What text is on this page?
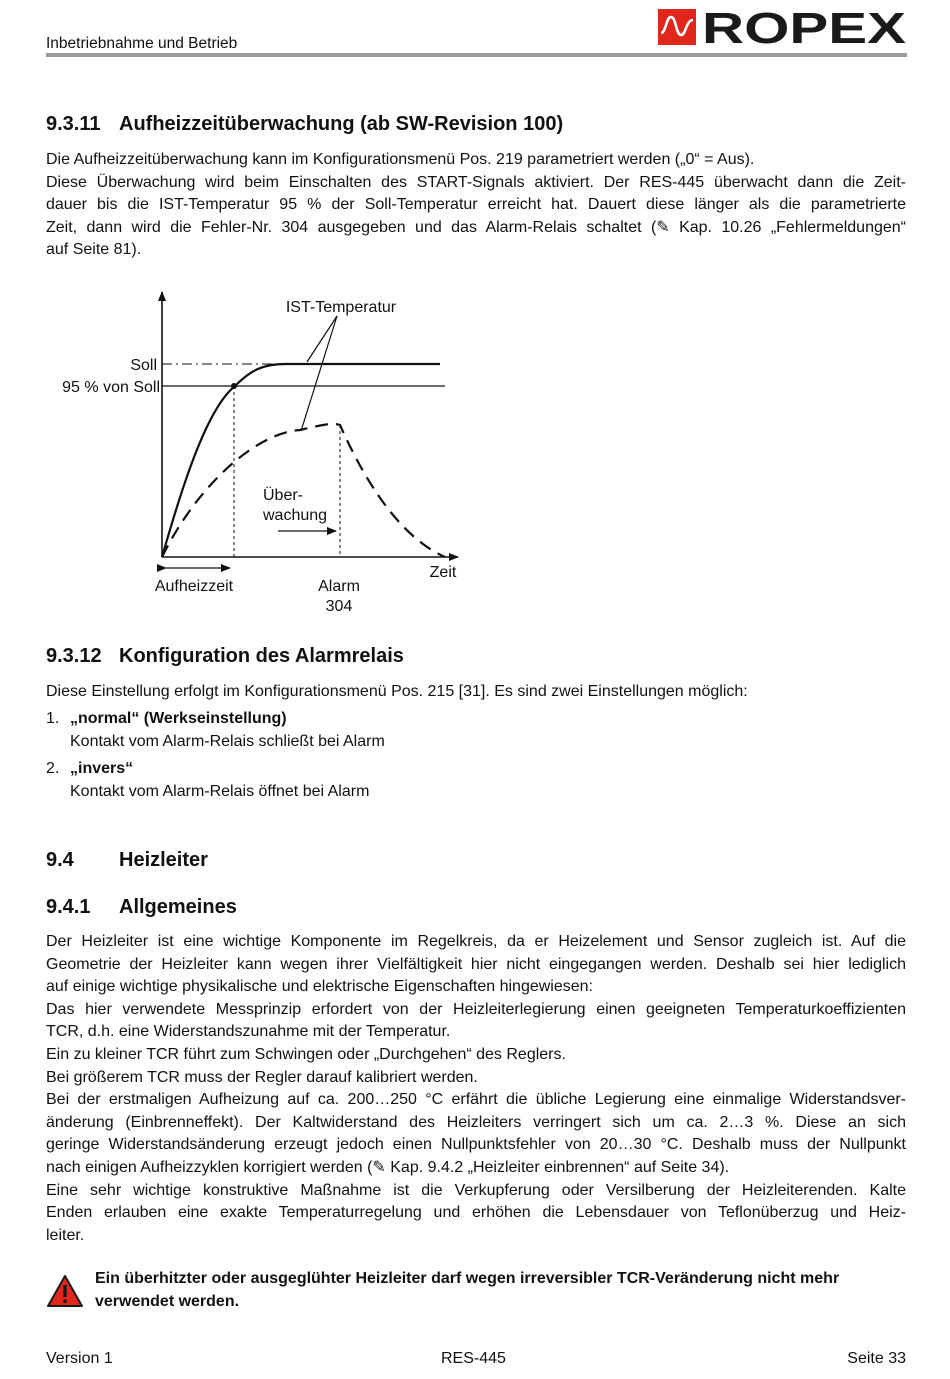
Inbetriebnahme und Betrieb	ROPEX
9.3.11 Aufheizzeitüberwachung (ab SW-Revision 100)

Die Aufheizzeitüberwachung kann im Konfigurationsmenü Pos. 219 parametriert werden („0“ = Aus).
Diese Überwachung wird beim Einschalten des START-Signals aktiviert. Der RES-445 überwacht dann die Zeit-
dauer bis die IST-Temperatur 95 % der Soll-Temperatur erreicht hat. Dauert diese länger als die parametrierte
Zeit, dann wird die Fehler-Nr. 304 ausgegeben und das Alarm-Relais schaltet (✎ Kap. 10.26 „Fehlermeldungen“
auf Seite 81).

IST-Temperatur
Soll
95 % von Soll
Über-
wachung
Aufheizzeit	Alarm
304
Zeit
9.3.12 Konfiguration des Alarmrelais

Diese Einstellung erfolgt im Konfigurationsmenü Pos. 215 [31]. Es sind zwei Einstellungen möglich:

1. „normal“ (Werkseinstellung)
Kontakt vom Alarm-Relais schließt bei Alarm
2. „invers“
Kontakt vom Alarm-Relais öffnet bei Alarm
9.4 Heizleiter
9.4.1 Allgemeines

Der Heizleiter ist eine wichtige Komponente im Regelkreis, da er Heizelement und Sensor zugleich ist. Auf die
Geometrie der Heizleiter kann wegen ihrer Vielfältigkeit hier nicht eingegangen werden. Deshalb sei hier lediglich
auf einige wichtige physikalische und elektrische Eigenschaften hingewiesen:
Das hier verwendete Messprinzip erfordert von der Heizleiterlegierung einen geeigneten Temperaturkoeffizienten
TCR, d.h. eine Widerstandszunahme mit der Temperatur.
Ein zu kleiner TCR führt zum Schwingen oder „Durchgehen“ des Reglers.
Bei größerem TCR muss der Regler darauf kalibriert werden.
Bei der erstmaligen Aufheizung auf ca. 200…250 °C erfährt die übliche Legierung eine einmalige Widerstandsver-
änderung (Einbrenneffekt). Der Kaltwiderstand des Heizleiters verringert sich um ca. 2…3 %. Diese an sich
geringe Widerstandsänderung erzeugt jedoch einen Nullpunktsfehler von 20…30 °C. Deshalb muss der Nullpunkt
nach einigen Aufheizzyklen korrigiert werden (✎ Kap. 9.4.2 „Heizleiter einbrennen“ auf Seite 34).
Eine sehr wichtige konstruktive Maßnahme ist die Verkupferung oder Versilberung der Heizleiterenden. Kalte
Enden erlauben eine exakte Temperaturregelung und erhöhen die Lebensdauer von Teflonüberzug und Heiz-
leiter.

Ein überhitzter oder ausgeglühter Heizleiter darf wegen irreversibler TCR-Veränderung nicht mehr
verwendet werden.
Version 1	RES-445	Seite 33
